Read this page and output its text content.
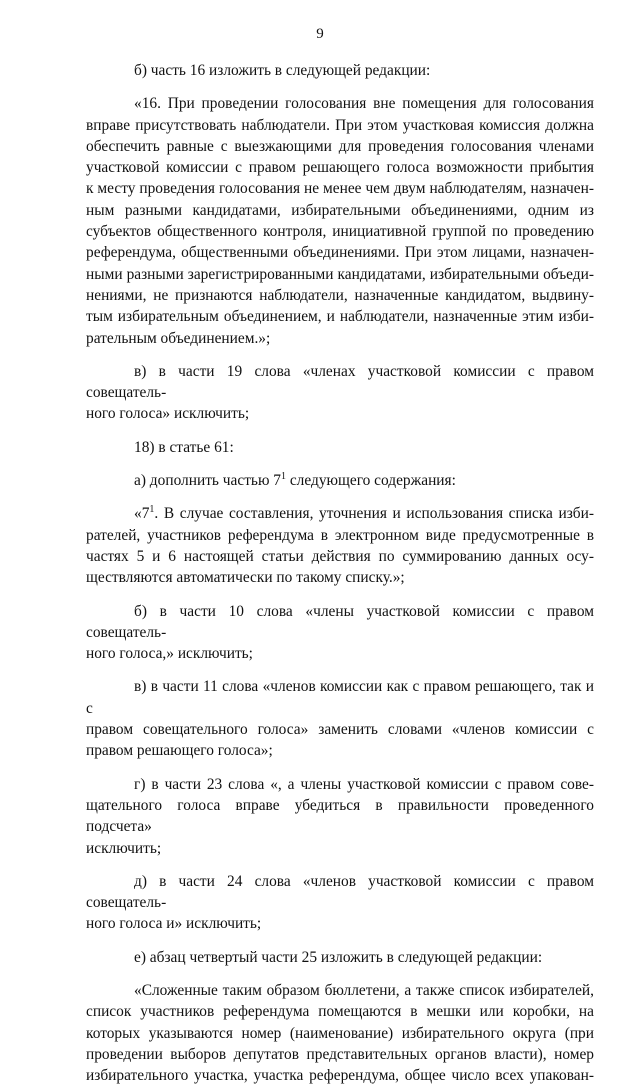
9
б) часть 16 изложить в следующей редакции:
«16. При проведении голосования вне помещения для голосования
вправе присутствовать наблюдатели. При этом участковая комиссия должна
обеспечить равные с выезжающими для проведения голосования членами
участковой комиссии с правом решающего голоса возможности прибытия
к месту проведения голосования не менее чем двум наблюдателям, назначен-
ным разными кандидатами, избирательными объединениями, одним из
субъектов общественного контроля, инициативной группой по проведению
референдума, общественными объединениями. При этом лицами, назначен-
ными разными зарегистрированными кандидатами, избирательными объеди-
нениями, не признаются наблюдатели, назначенные кандидатом, выдвину-
тым избирательным объединением, и наблюдатели, назначенные этим изби-
рательным объединением.»;
в) в части 19 слова «членах участковой комиссии с правом совещатель-
ного голоса» исключить;
18) в статье 61:
а) дополнить частью $7^1$ следующего содержания:
«$7^1$. В случае составления, уточнения и использования списка изби-
рателей, участников референдума в электронном виде предусмотренные в
частях 5 и 6 настоящей статьи действия по суммированию данных осу-
ществляются автоматически по такому списку.»;
б) в части 10 слова «члены участковой комиссии с правом совещатель-
ного голоса,» исключить;
в) в части 11 слова «членов комиссии как с правом решающего, так и с
правом совещательного голоса» заменить словами «членов комиссии с
правом решающего голоса»;
г) в части 23 слова «, а члены участковой комиссии с правом сове-
щательного голоса вправе убедиться в правильности проведенного подсчета»
исключить;
д) в части 24 слова «членов участковой комиссии с правом совещатель-
ного голоса и» исключить;
е) абзац четвертый части 25 изложить в следующей редакции:
«Сложенные таким образом бюллетени, а также список избирателей,
список участников референдума помещаются в мешки или коробки, на
которых указываются номер (наименование) избирательного округа (при
проведении выборов депутатов представительных органов власти), номер
избирательного участка, участка референдума, общее число всех упакован-
